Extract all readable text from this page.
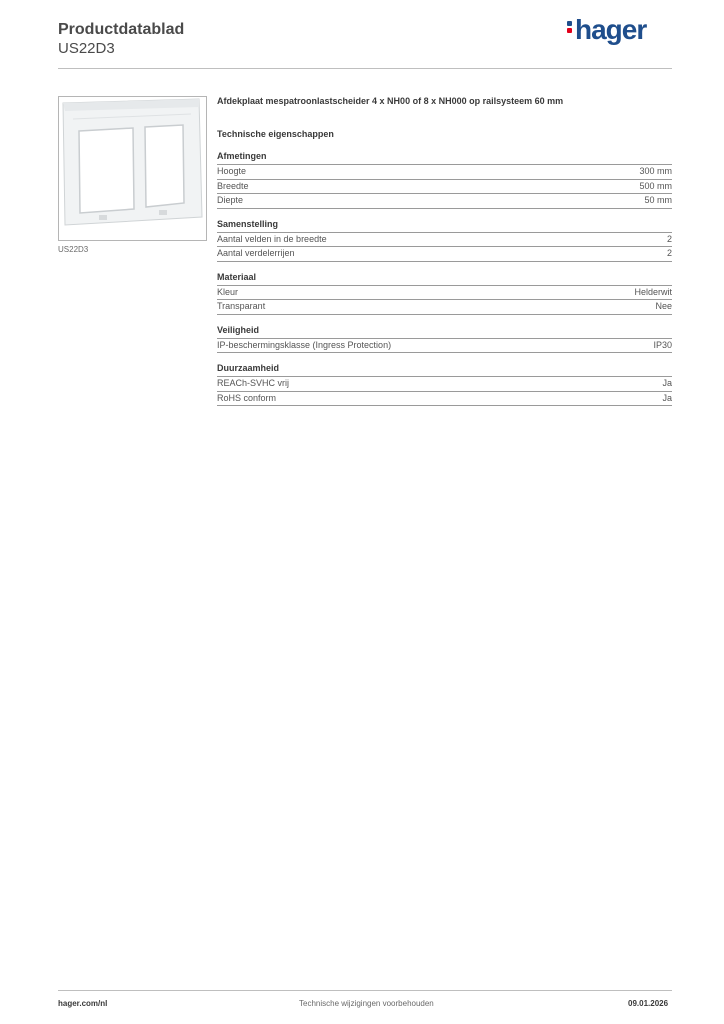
Productdatablad
US22D3
hager
US22D3
Afdekplaat mespatroonlastscheider 4 x NH00 of 8 x NH000 op railsysteem 60 mm
Technische eigenschappen
Afmetingen
Hoogte	300 mm
Breedte	500 mm
Diepte	50 mm
Samenstelling
Aantal velden in de breedte	2
Aantal verdelerrijen	2
Materiaal
Kleur	Helderwit
Transparant	Nee
Veiligheid
IP-beschermingsklasse (Ingress Protection)	IP30
Duurzaamheid
REACh-SVHC vrij	Ja
RoHS conform	Ja
hager.com/nl	Technische wijzigingen voorbehouden	09.01.2026
